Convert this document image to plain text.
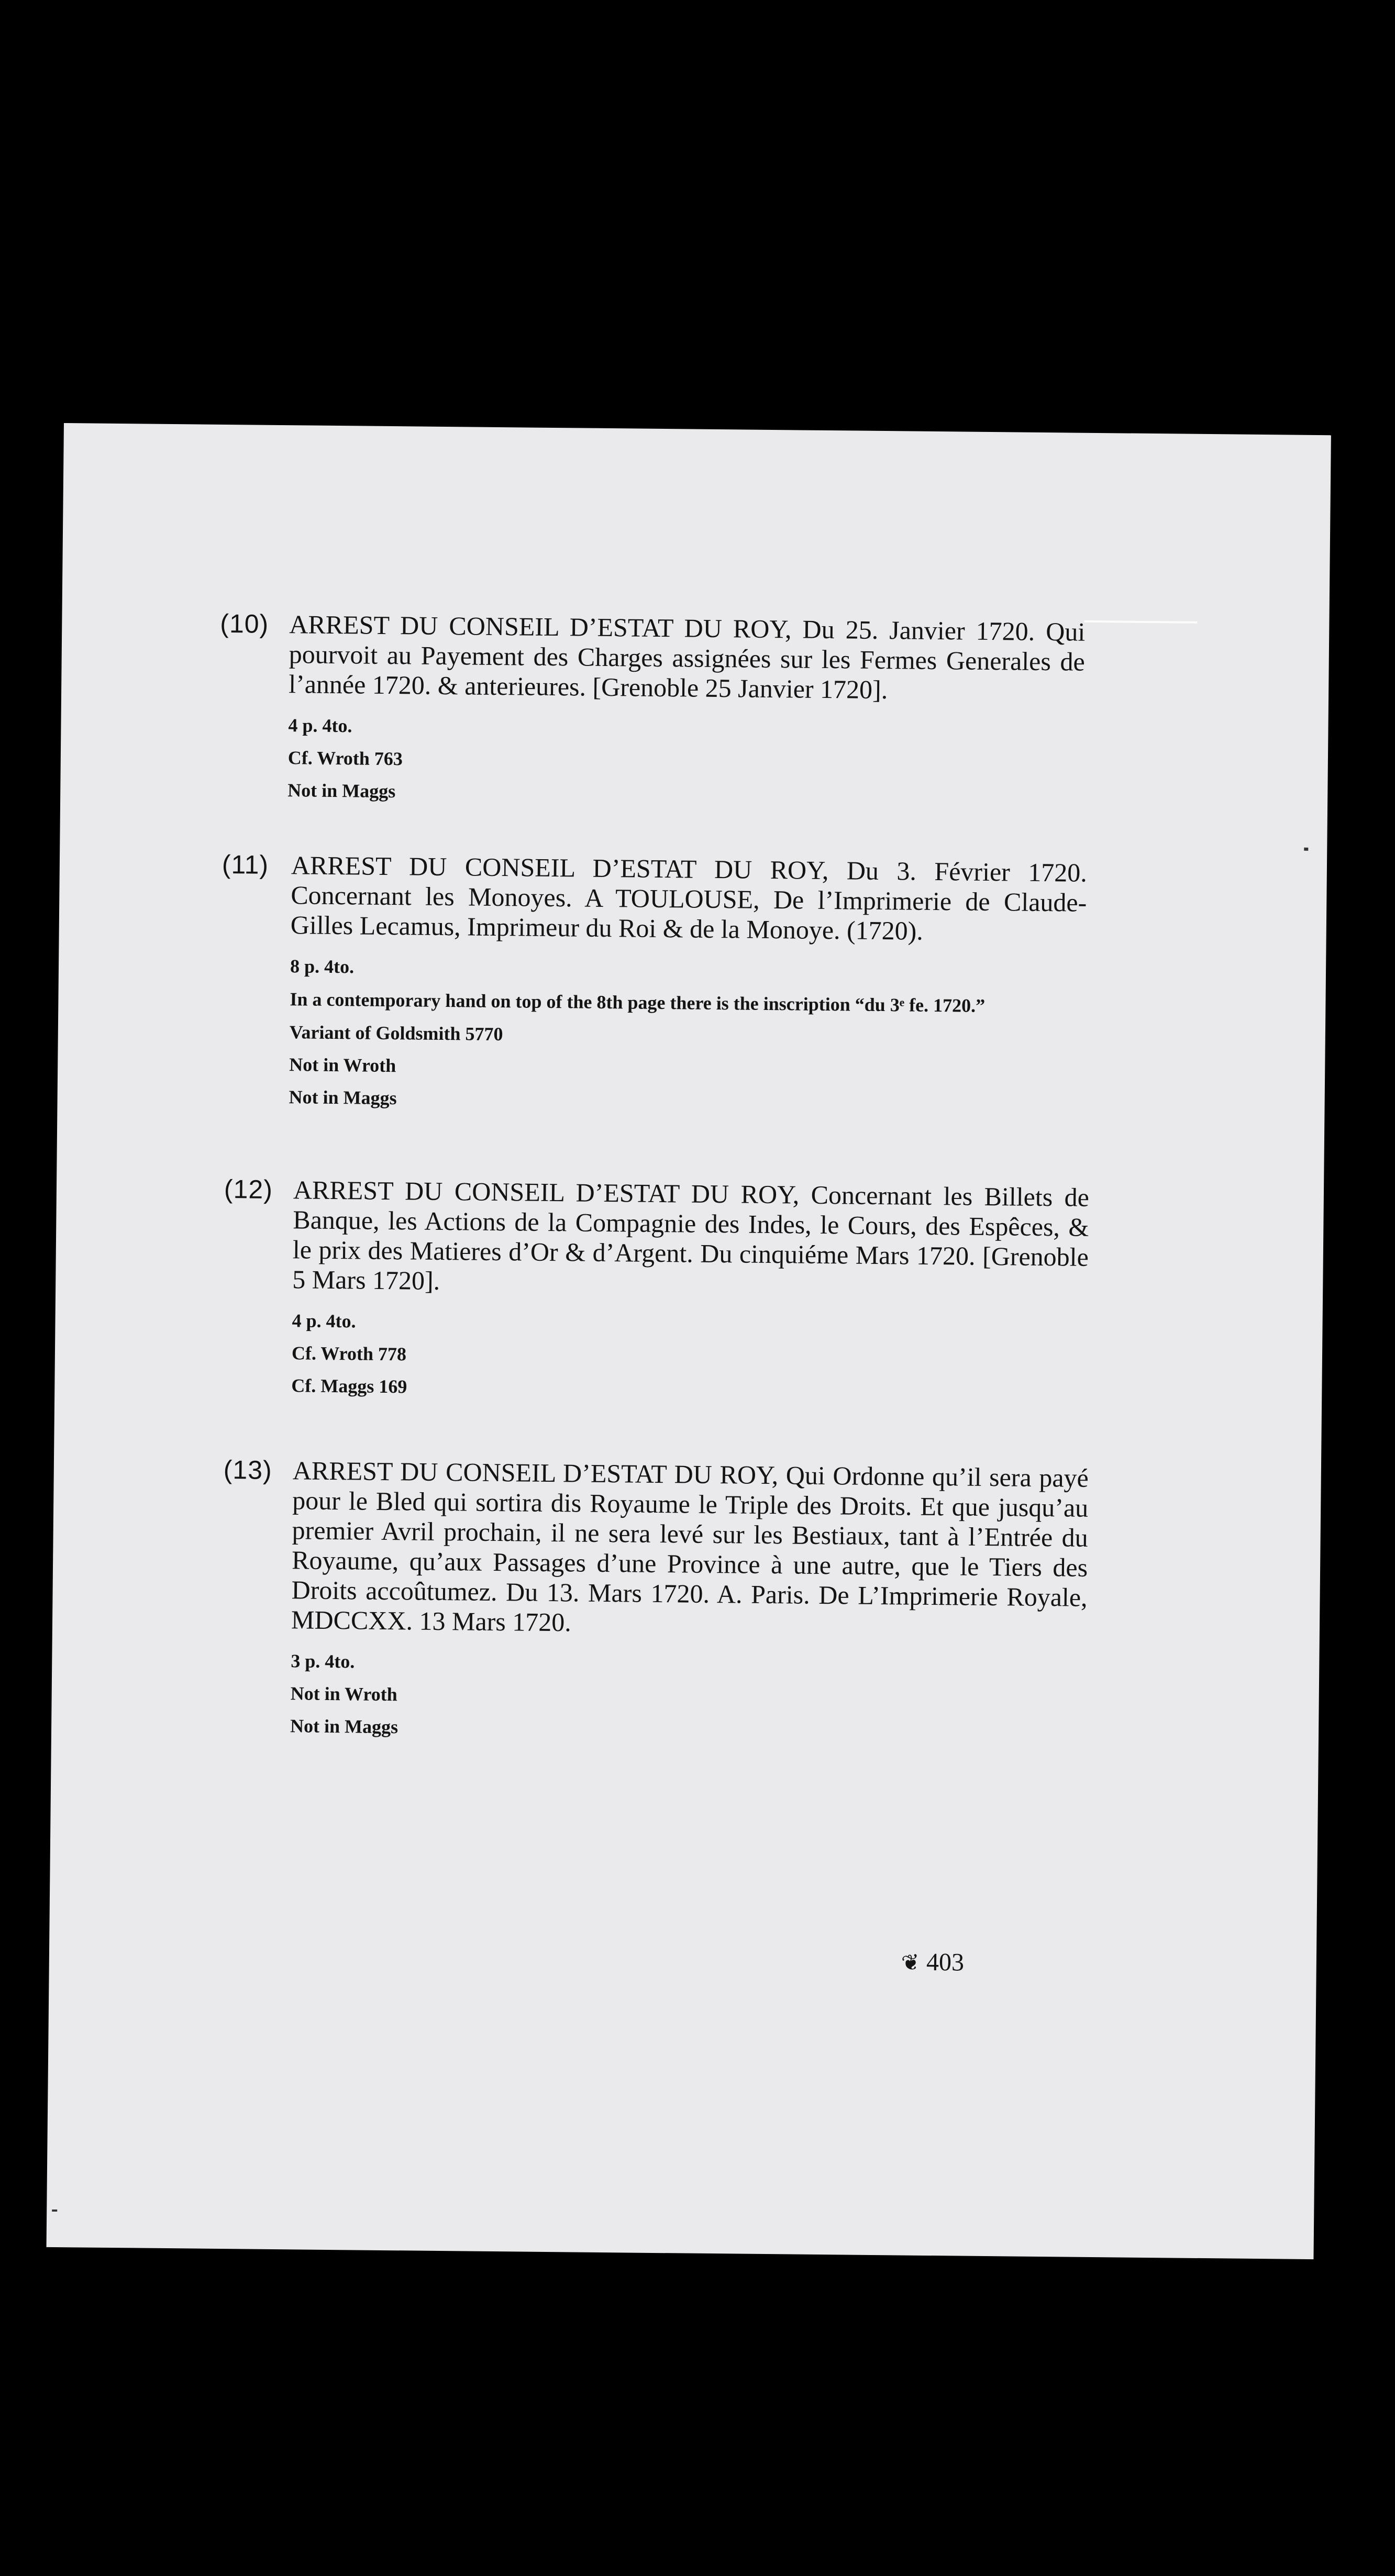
(10) ARREST DU CONSEIL D’ESTAT DU ROY, Du 25. Janvier 1720. Qui pourvoit au Payement des Charges assignées sur les Fermes Generales de l’année 1720. & anterieures. [Grenoble 25 Janvier 1720].
4 p. 4to.
Cf. Wroth 763
Not in Maggs
(11) ARREST DU CONSEIL D’ESTAT DU ROY, Du 3. Février 1720. Concernant les Monoyes. A TOULOUSE, De l’Imprimerie de Claude-Gilles Lecamus, Imprimeur du Roi & de la Monoye. (1720).
8 p. 4to.
In a contemporary hand on top of the 8th page there is the inscription “du 3ᵉ fe. 1720.”
Variant of Goldsmith 5770
Not in Wroth
Not in Maggs
(12) ARREST DU CONSEIL D’ESTAT DU ROY, Concernant les Billets de Banque, les Actions de la Compagnie des Indes, le Cours, des Espêces, & le prix des Matieres d’Or & d’Argent. Du cinquiéme Mars 1720. [Grenoble 5 Mars 1720].
4 p. 4to.
Cf. Wroth 778
Cf. Maggs 169
(13) ARREST DU CONSEIL D’ESTAT DU ROY, Qui Ordonne qu’il sera payé pour le Bled qui sortira dis Royaume le Triple des Droits. Et que jusqu’au premier Avril prochain, il ne sera levé sur les Bestiaux, tant à l’Entrée du Royaume, qu’aux Passages d’une Province à une autre, que le Tiers des Droits accoûtumez. Du 13. Mars 1720. A. Paris. De L’Imprimerie Royale, MDCCXX. 13 Mars 1720.
3 p. 4to.
Not in Wroth
Not in Maggs
❦ 403
